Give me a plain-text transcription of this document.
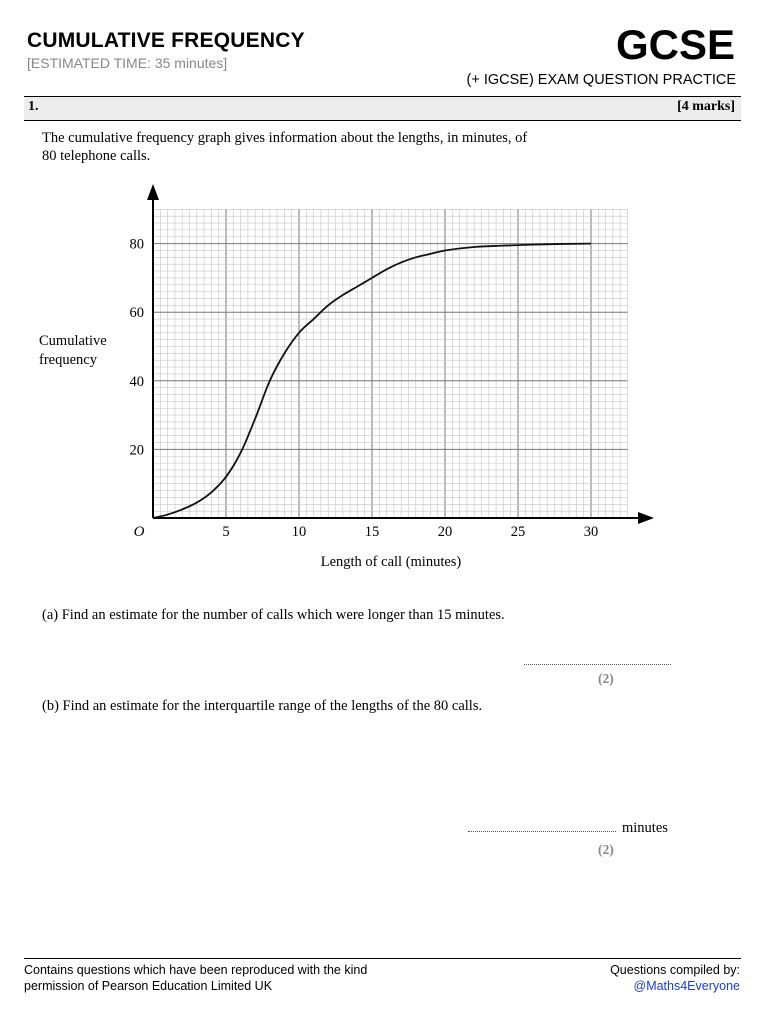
CUMULATIVE FREQUENCY
[ESTIMATED TIME: 35 minutes]	GCSE
(+ IGCSE) EXAM QUESTION PRACTICE
1.	[4 marks]
The cumulative frequency graph gives information about the lengths, in minutes, of
80 telephone calls.
5	10	15	20	25	30
20
40
60
80
O
Cumulative
frequency
Length of call (minutes)
(a) Find an estimate for the number of calls which were longer than 15 minutes.
(2)
(b) Find an estimate for the interquartile range of the lengths of the 80 calls.
minutes
(2)
Contains questions which have been reproduced with the kind
permission of Pearson Education Limited UK
Questions compiled by:
@Maths4Everyone
